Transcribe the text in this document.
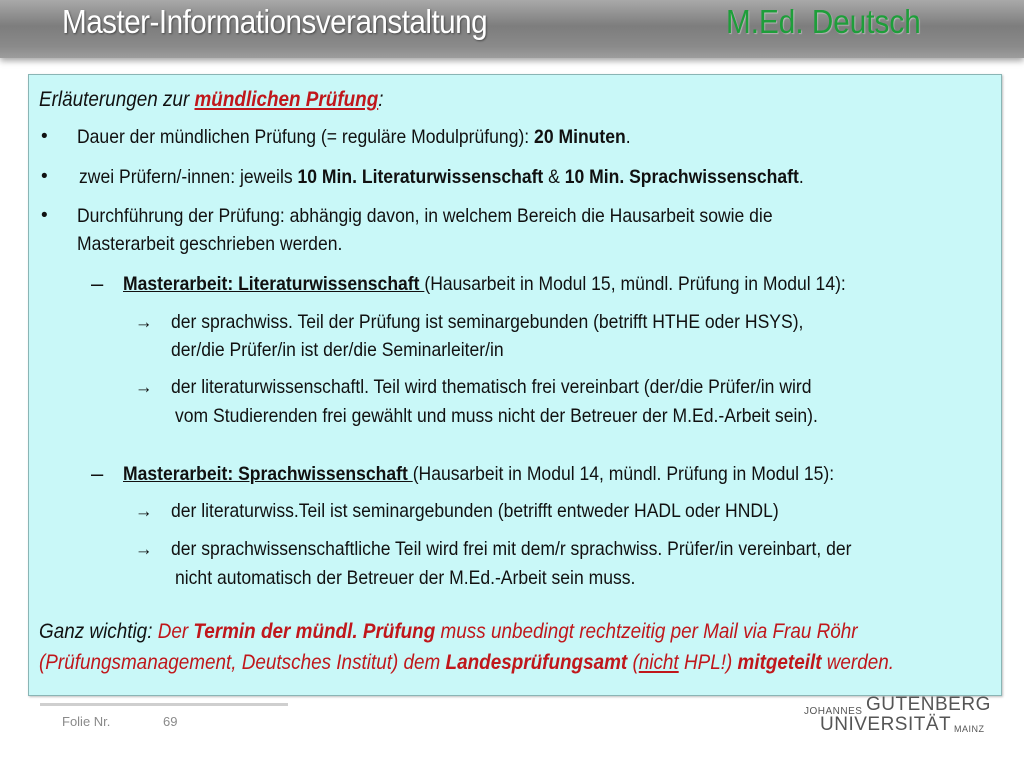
Master-Informationsveranstaltung	M.Ed. Deutsch
Erläuterungen zur mündlichen Prüfung:
• Dauer der mündlichen Prüfung (= reguläre Modulprüfung): 20 Minuten.
• zwei Prüfern/-innen: jeweils 10 Min. Literaturwissenschaft & 10 Min. Sprachwissenschaft.
• Durchführung der Prüfung: abhängig davon, in welchem Bereich die Hausarbeit sowie die
Masterarbeit geschrieben werden.
– Masterarbeit: Literaturwissenschaft (Hausarbeit in Modul 15, mündl. Prüfung in Modul 14):
→ der sprachwiss. Teil der Prüfung ist seminargebunden (betrifft HTHE oder HSYS),
der/die Prüfer/in ist der/die Seminarleiter/in
→ der literaturwissenschaftl. Teil wird thematisch frei vereinbart (der/die Prüfer/in wird
vom Studierenden frei gewählt und muss nicht der Betreuer der M.Ed.-Arbeit sein).
– Masterarbeit: Sprachwissenschaft (Hausarbeit in Modul 14, mündl. Prüfung in Modul 15):
→ der literaturwiss.Teil ist seminargebunden (betrifft entweder HADL oder HNDL)
→ der sprachwissenschaftliche Teil wird frei mit dem/r sprachwiss. Prüfer/in vereinbart, der
nicht automatisch der Betreuer der M.Ed.-Arbeit sein muss.
Ganz wichtig: Der Termin der mündl. Prüfung muss unbedingt rechtzeitig per Mail via Frau Röhr
(Prüfungsmanagement, Deutsches Institut) dem Landesprüfungsamt (nicht HPL!) mitgeteilt werden.
Folie Nr.	69
JOHANNES GUTENBERG
UNIVERSITÄT MAINZ
